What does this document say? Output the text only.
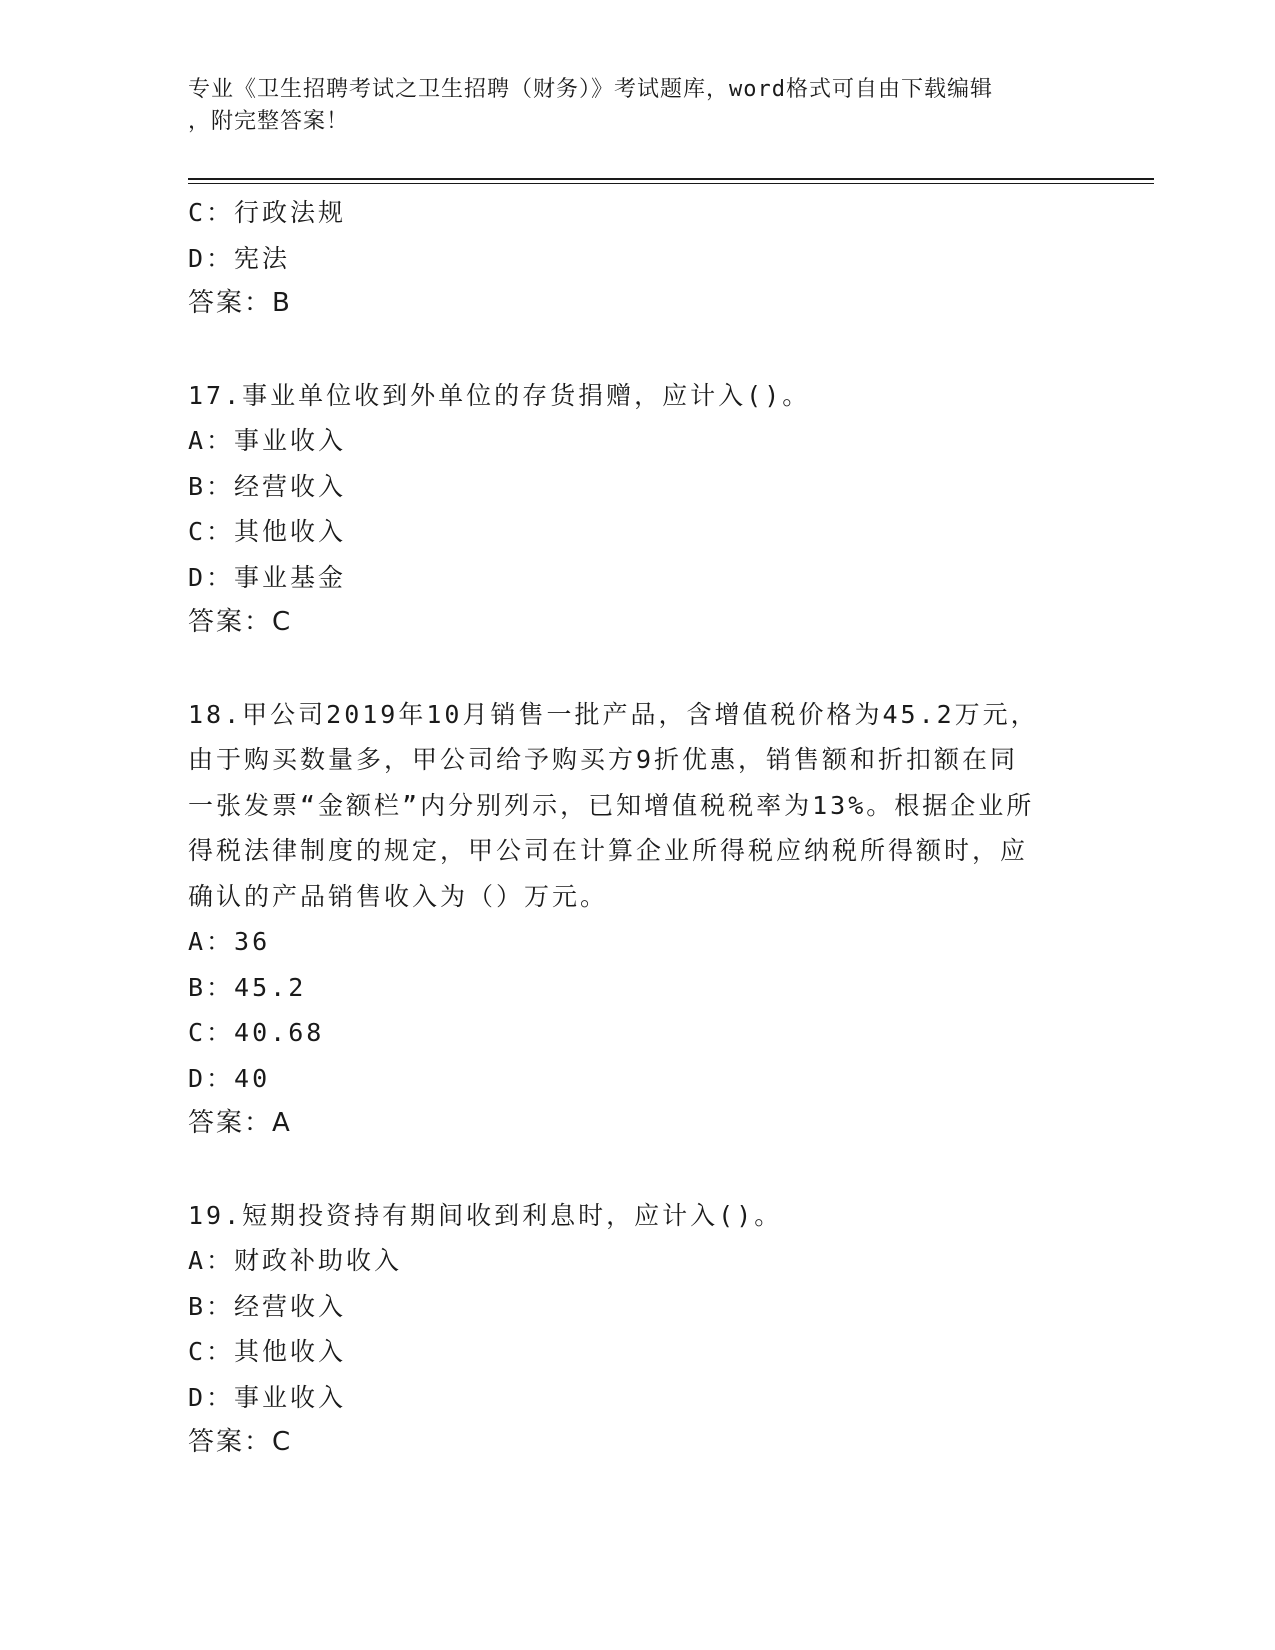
专业《卫生招聘考试之卫生招聘（财务）》考试题库，word格式可自由下载编辑
，附完整答案！
C：行政法规
D：宪法
答案：B
17.事业单位收到外单位的存货捐赠，应计入()。
A：事业收入
B：经营收入
C：其他收入
D：事业基金
答案：C
18.甲公司2019年10月销售一批产品，含增值税价格为45.2万元，
由于购买数量多，甲公司给予购买方9折优惠，销售额和折扣额在同
一张发票“金额栏”内分别列示，已知增值税税率为13%。根据企业所
得税法律制度的规定，甲公司在计算企业所得税应纳税所得额时，应
确认的产品销售收入为（）万元。
A：36
B：45.2
C：40.68
D：40
答案：A
19.短期投资持有期间收到利息时，应计入()。
A：财政补助收入
B：经营收入
C：其他收入
D：事业收入
答案：C
